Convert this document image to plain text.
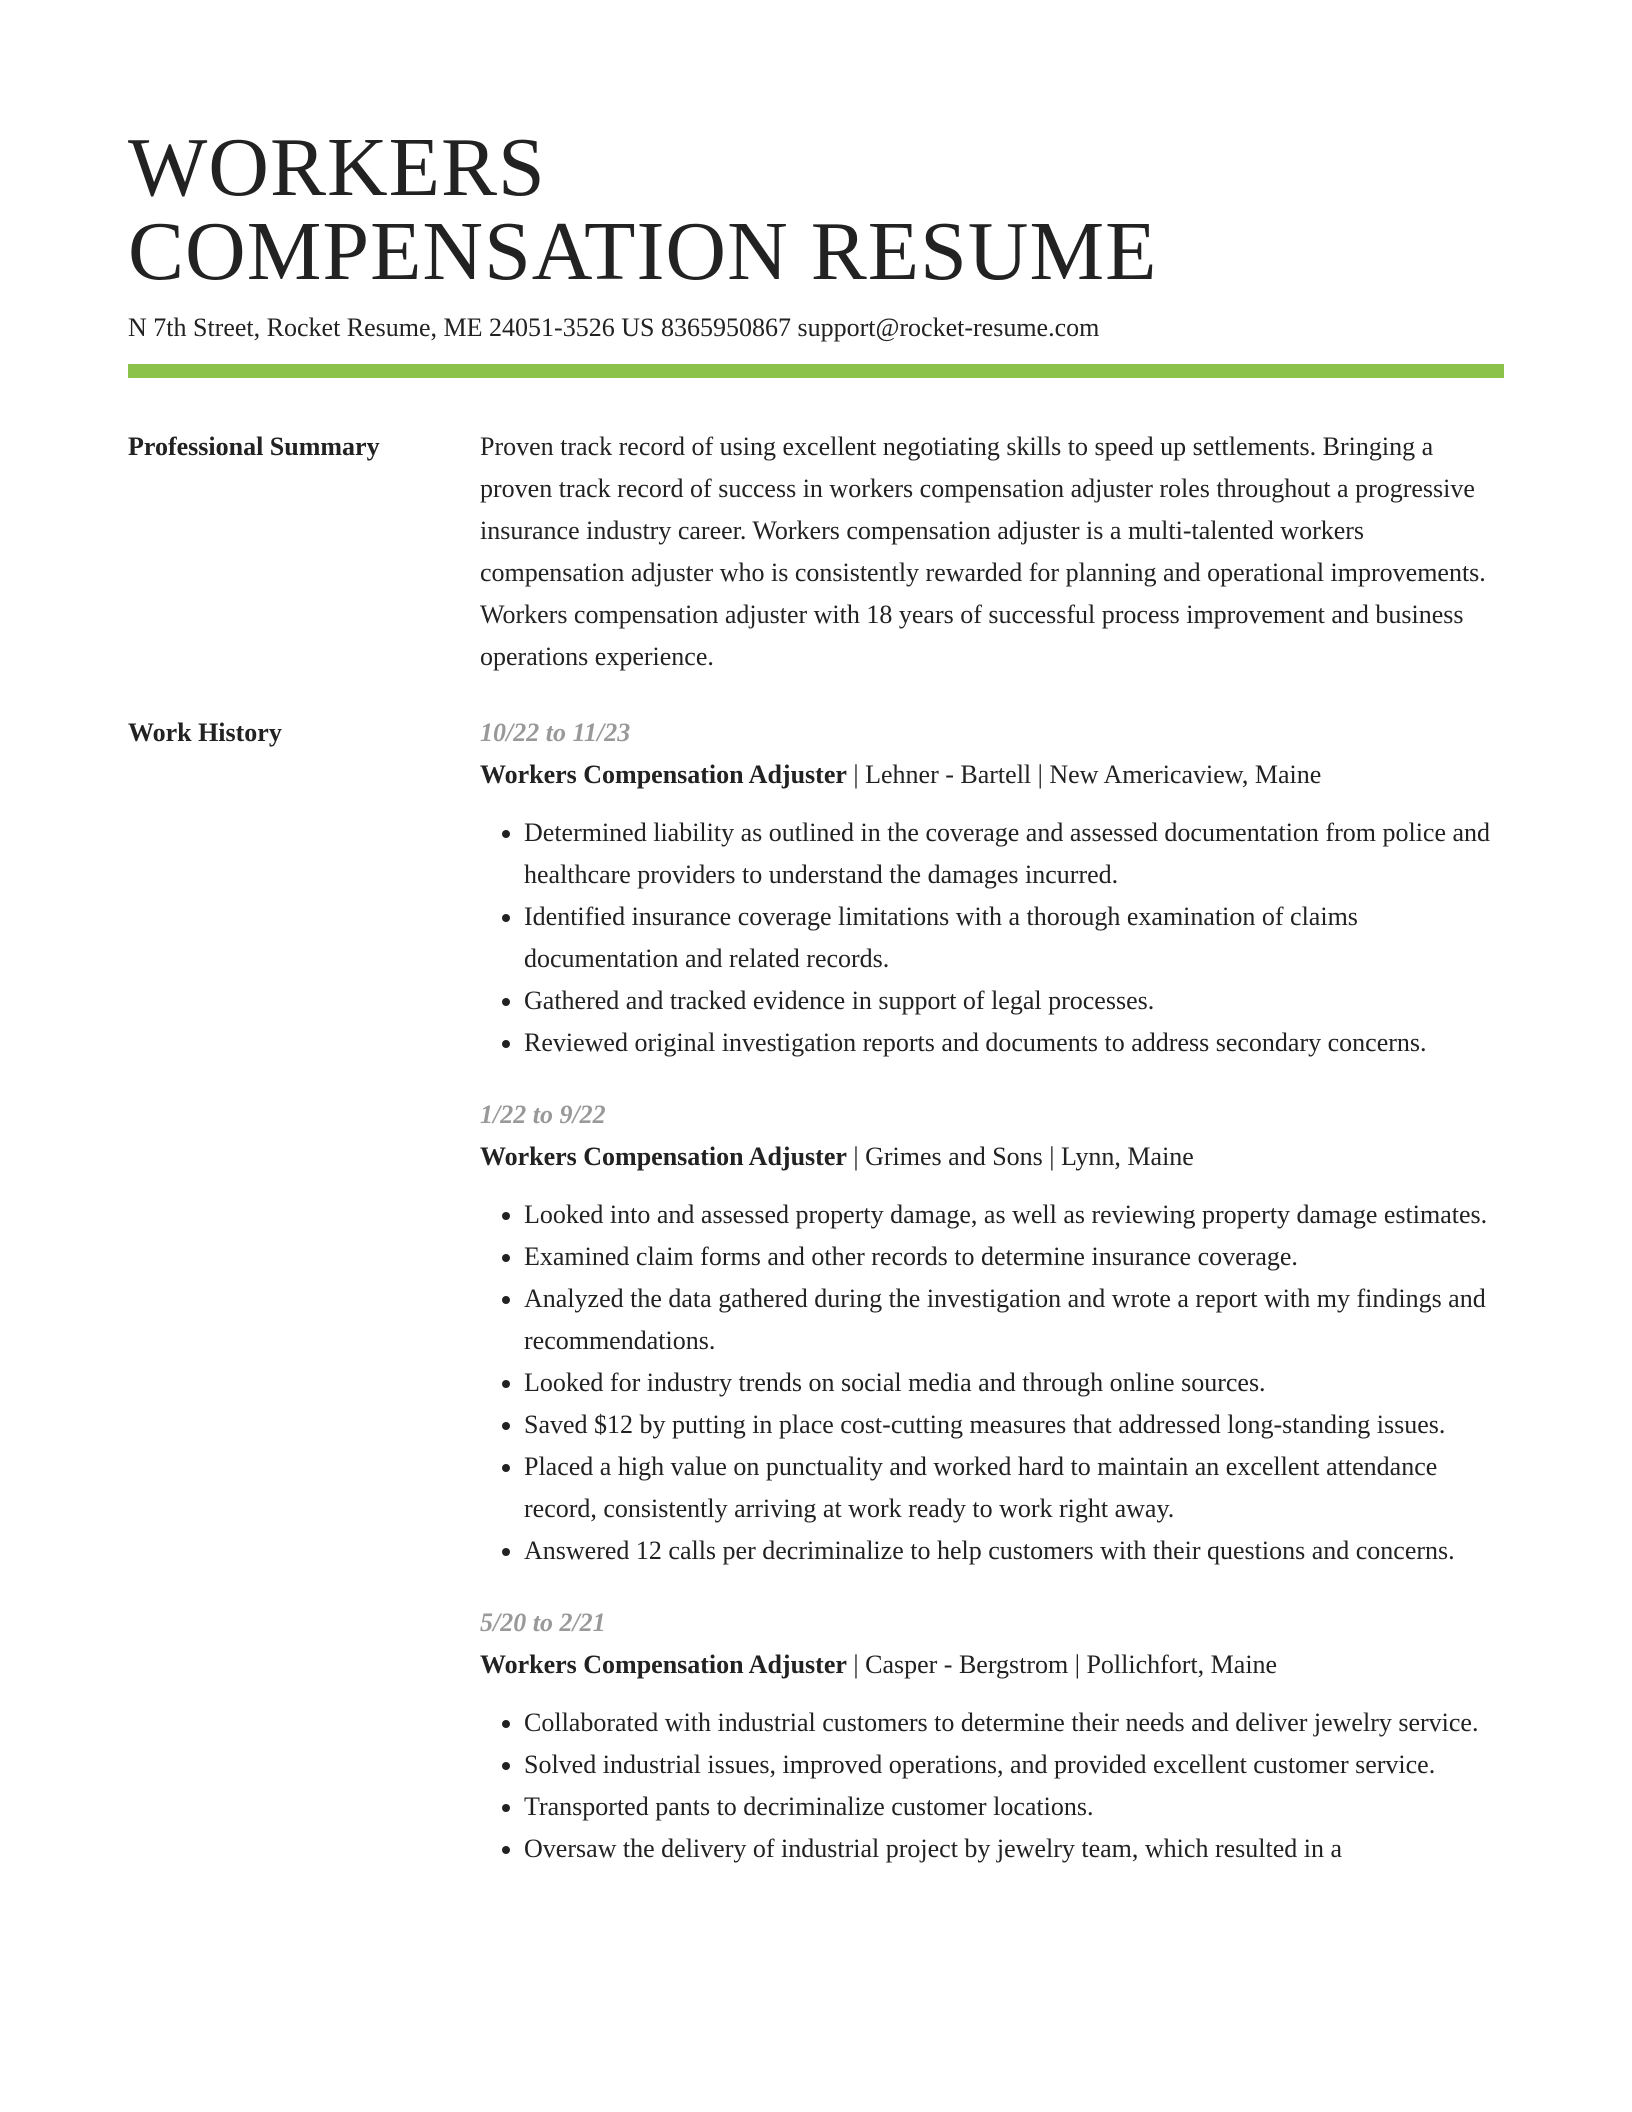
WORKERS
COMPENSATION RESUME
N 7th Street, Rocket Resume, ME 24051-3526 US 8365950867 support@rocket-resume.com
Professional Summary	Proven track record of using excellent negotiating skills to speed up settlements. Bringing a proven track record of success in workers compensation adjuster roles throughout a progressive insurance industry career. Workers compensation adjuster is a multi-talented workers compensation adjuster who is consistently rewarded for planning and operational improvements. Workers compensation adjuster with 18 years of successful process improvement and business operations experience.

Work History	10/22 to 11/23
Workers Compensation Adjuster | Lehner - Bartell | New Americaview, Maine
• Determined liability as outlined in the coverage and assessed documentation from police and healthcare providers to understand the damages incurred.
• Identified insurance coverage limitations with a thorough examination of claims documentation and related records.
• Gathered and tracked evidence in support of legal processes.
• Reviewed original investigation reports and documents to address secondary concerns.
1/22 to 9/22
Workers Compensation Adjuster | Grimes and Sons | Lynn, Maine
• Looked into and assessed property damage, as well as reviewing property damage estimates.
• Examined claim forms and other records to determine insurance coverage.
• Analyzed the data gathered during the investigation and wrote a report with my findings and recommendations.
• Looked for industry trends on social media and through online sources.
• Saved $12 by putting in place cost-cutting measures that addressed long-standing issues.
• Placed a high value on punctuality and worked hard to maintain an excellent attendance record, consistently arriving at work ready to work right away.
• Answered 12 calls per decriminalize to help customers with their questions and concerns.
5/20 to 2/21
Workers Compensation Adjuster | Casper - Bergstrom | Pollichfort, Maine
• Collaborated with industrial customers to determine their needs and deliver jewelry service.
• Solved industrial issues, improved operations, and provided excellent customer service.
• Transported pants to decriminalize customer locations.
• Oversaw the delivery of industrial project by jewelry team, which resulted in a
